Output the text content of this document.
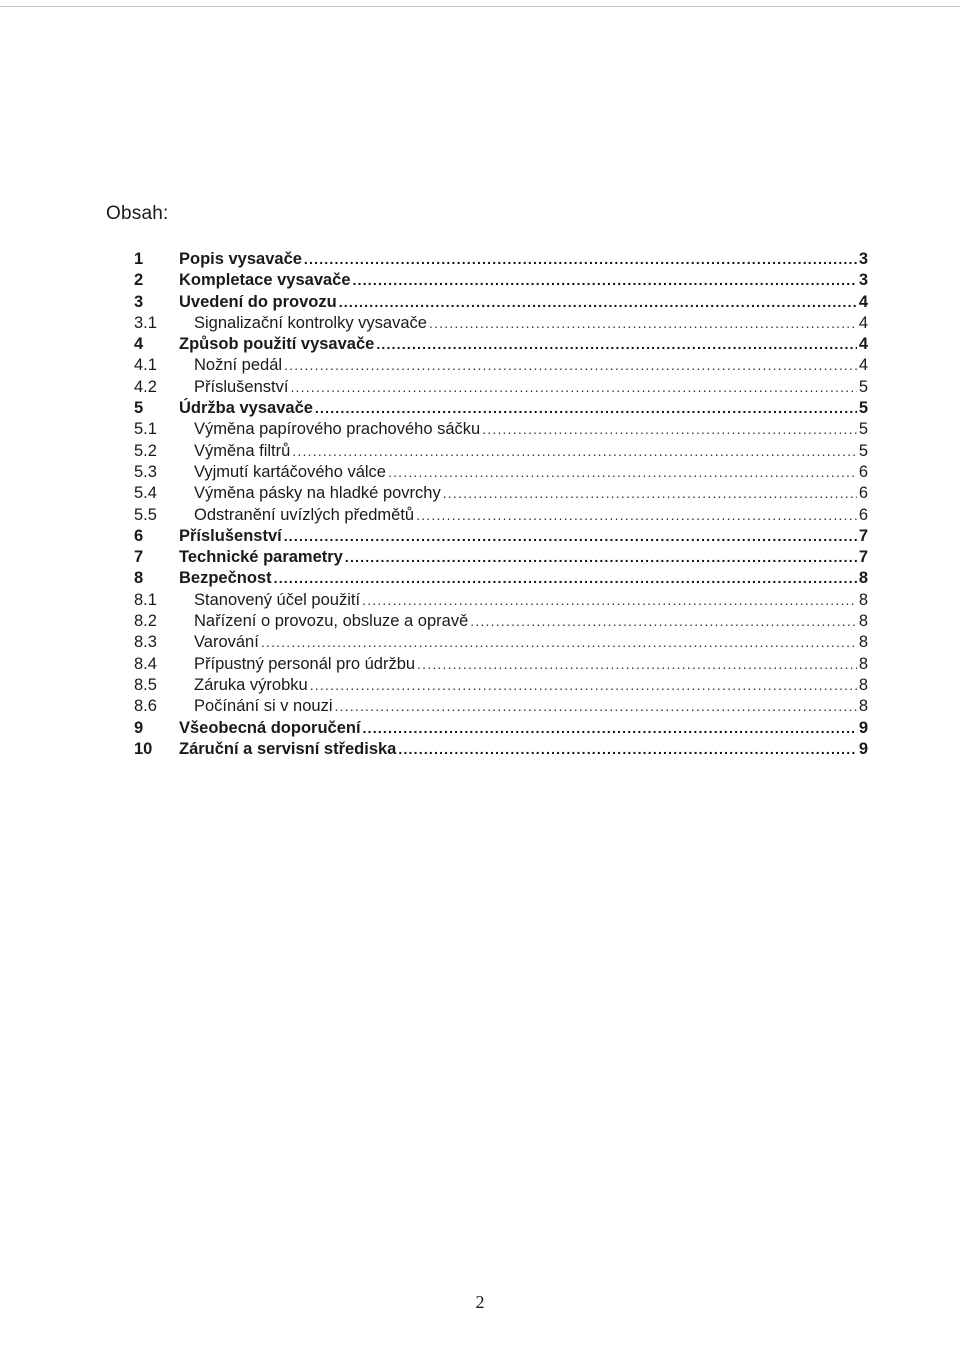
Obsah:
1	Popis vysavače .....	3
2	Kompletace vysavače .....	3
3	Uvedení do provozu .....	4
3.1	Signalizační kontrolky vysavače .....	4
4	Způsob použití vysavače .....	4
4.1	Nožní pedál .....	4
4.2	Příslušenství .....	5
5	Údržba vysavače .....	5
5.1	Výměna papírového prachového sáčku .....	5
5.2	Výměna filtrů .....	5
5.3	Vyjmutí kartáčového válce .....	6
5.4	Výměna pásky na hladké povrchy .....	6
5.5	Odstranění uvízlých předmětů .....	6
6	Příslušenství .....	7
7	Technické parametry .....	7
8	Bezpečnost .....	8
8.1	Stanovený účel použití .....	8
8.2	Nařízení o provozu, obsluze a opravě .....	8
8.3	Varování .....	8
8.4	Přípustný personál pro údržbu .....	8
8.5	Záruka výrobku .....	8
8.6	Počínání si v nouzi .....	8
9	Všeobecná doporučení .....	9
10	Záruční a servisní střediska .....	9
2
